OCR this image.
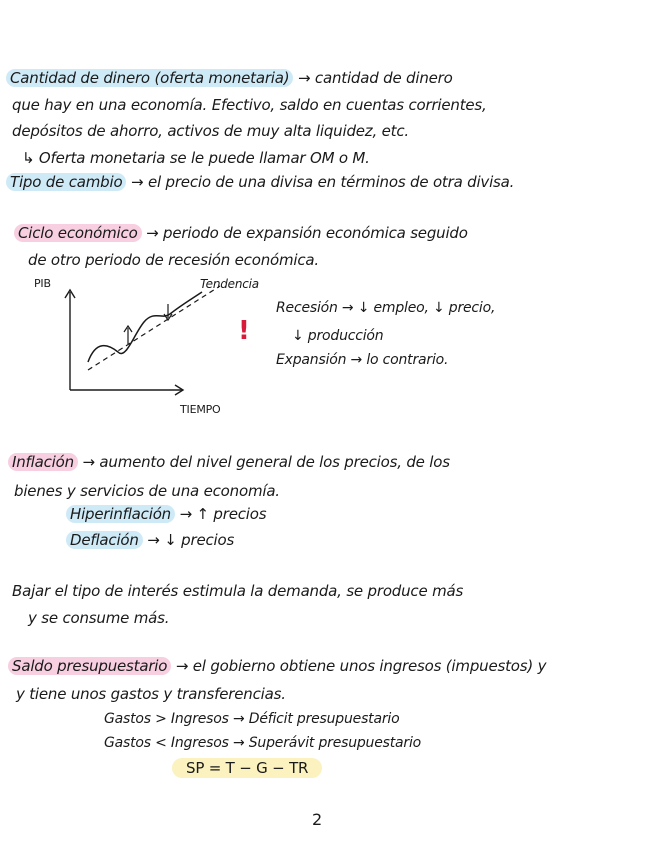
Cantidad de dinero (oferta monetaria) → cantidad de dinero
que hay en una economía. Efectivo, saldo en cuentas corrientes,
depósitos de ahorro, activos de muy alta liquidez, etc.
↳ Oferta monetaria se le puede llamar OM o M.
Tipo de cambio → el precio de una divisa en términos de otra divisa.
Ciclo económico → periodo de expansión económica seguido
de otro periodo de recesión económica.
PIB
TIEMPO
Tendencia
!
Recesión → ↓ empleo, ↓ precio,
↓ producción
Expansión → lo contrario.
Inflación → aumento del nivel general de los precios, de los
bienes y servicios de una economía.
Hiperinflación → ↑ precios
Deflación → ↓ precios
Bajar el tipo de interés estimula la demanda, se produce más
y se consume más.
Saldo presupuestario → el gobierno obtiene unos ingresos (impuestos) y
y tiene unos gastos y transferencias.
Gastos > Ingresos → Déficit presupuestario
Gastos < Ingresos → Superávit presupuestario
SP = T − G − TR
2
